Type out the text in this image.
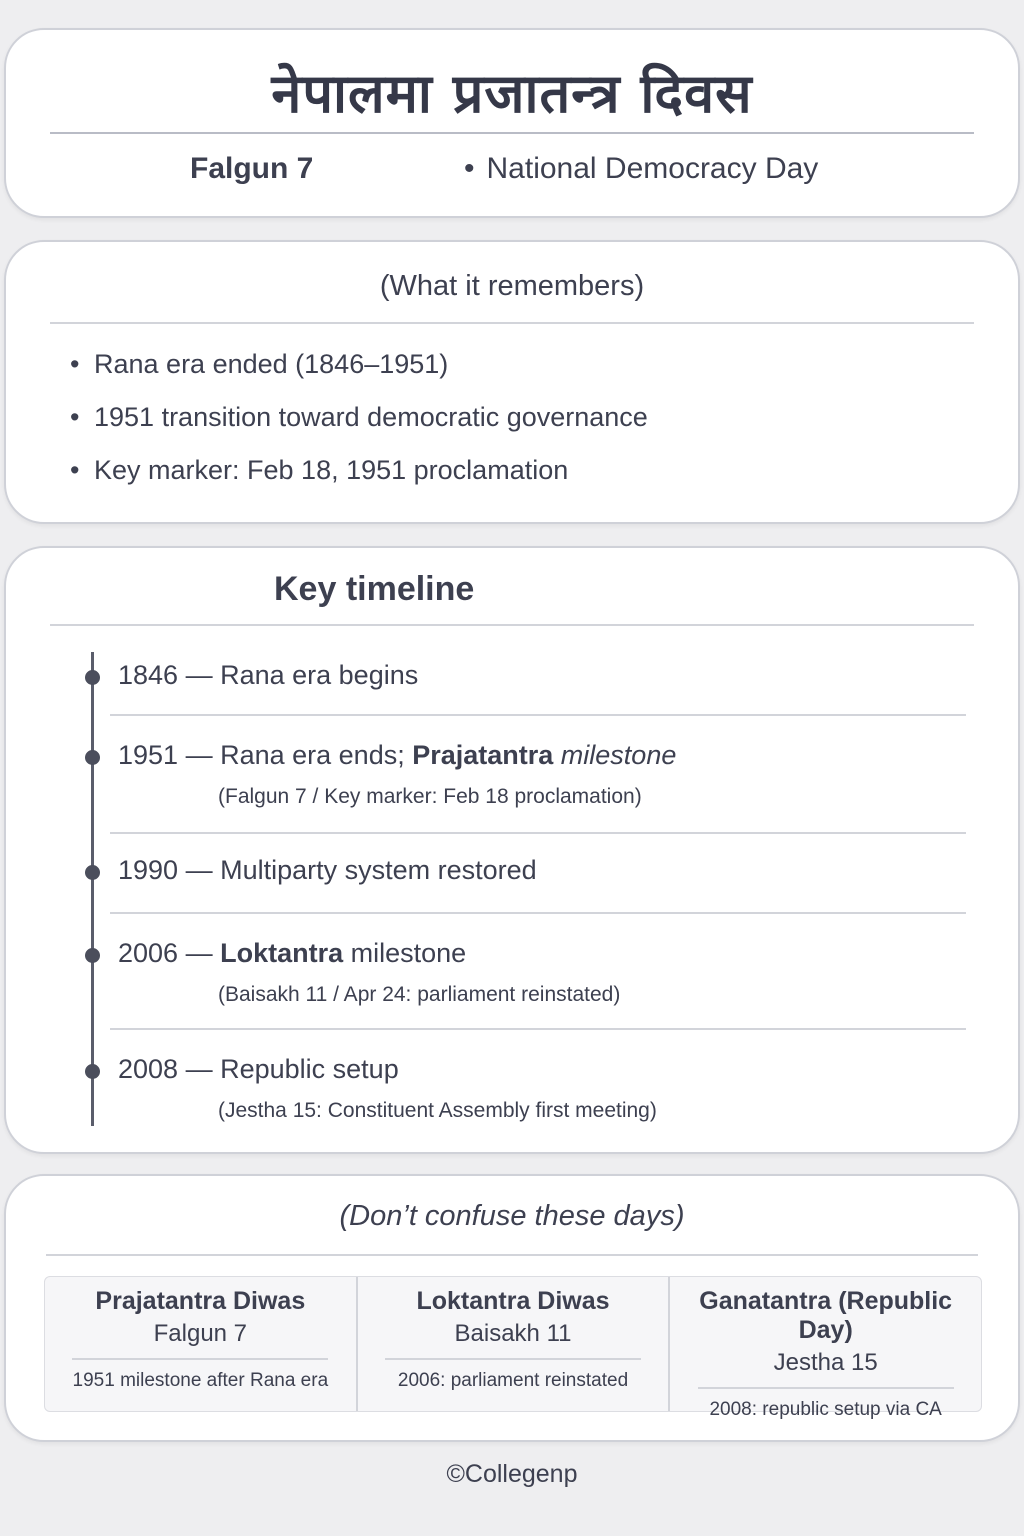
नेपालमा प्रजातन्त्र दिवस
Falgun 7	• National Democracy Day
(What it remembers)
• Rana era ended (1846–1951)
• 1951 transition toward democratic governance
• Key marker: Feb 18, 1951 proclamation
Key timeline
1846 — Rana era begins
1951 — Rana era ends; Prajatantra milestone
(Falgun 7 / Key marker: Feb 18 proclamation)
1990 — Multiparty system restored
2006 — Loktantra milestone
(Baisakh 11 / Apr 24: parliament reinstated)
2008 — Republic setup
(Jestha 15: Constituent Assembly first meeting)
(Don’t confuse these days)
Prajatantra Diwas
Falgun 7
1951 milestone after Rana era
Loktantra Diwas
Baisakh 11
2006: parliament reinstated
Ganatantra (Republic Day)
Jestha 15
2008: republic setup via CA
©Collegenp
